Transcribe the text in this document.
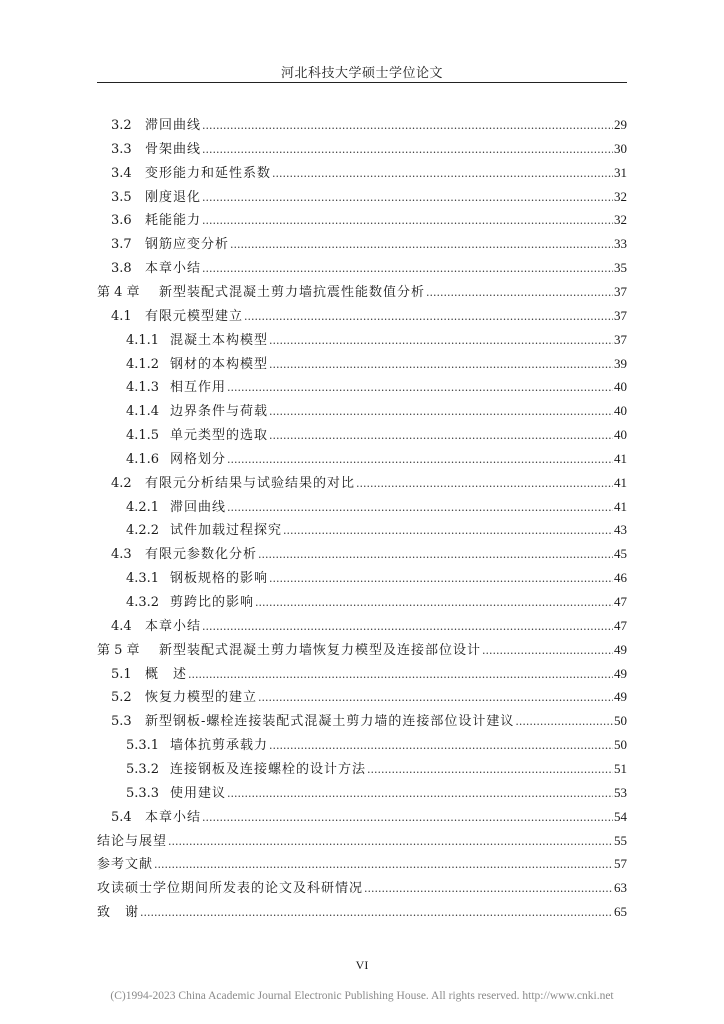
河北科技大学硕士学位论文
3.2	滞回曲线 .....	29
3.3	骨架曲线 .....	30
3.4	变形能力和延性系数 .....	31
3.5	刚度退化 .....	32
3.6	耗能能力 .....	32
3.7	钢筋应变分析 .....	33
3.8	本章小结 .....	35
第 4 章	新型装配式混凝土剪力墙抗震性能数值分析 .....	37
4.1	有限元模型建立 .....	37
4.1.1 混凝土本构模型 .....	37
4.1.2 钢材的本构模型 .....	39
4.1.3 相互作用 .....	40
4.1.4 边界条件与荷载 .....	40
4.1.5 单元类型的选取 .....	40
4.1.6 网格划分 .....	41
4.2	有限元分析结果与试验结果的对比 .....	41
4.2.1 滞回曲线 .....	41
4.2.2 试件加载过程探究 .....	43
4.3	有限元参数化分析 .....	45
4.3.1 钢板规格的影响 .....	46
4.3.2 剪跨比的影响 .....	47
4.4	本章小结 .....	47
第 5 章	新型装配式混凝土剪力墙恢复力模型及连接部位设计 .....	49
5.1	概　述 .....	49
5.2	恢复力模型的建立 .....	49
5.3	新型钢板-螺栓连接装配式混凝土剪力墙的连接部位设计建议 .....	50
5.3.1 墙体抗剪承载力 .....	50
5.3.2 连接钢板及连接螺栓的设计方法 .....	51
5.3.3 使用建议 .....	53
5.4	本章小结 .....	54
结论与展望 .....	55
参考文献 .....	57
攻读硕士学位期间所发表的论文及科研情况 .....	63
致　谢 .....	65
VI
(C)1994-2023 China Academic Journal Electronic Publishing House. All rights reserved. http://www.cnki.net
